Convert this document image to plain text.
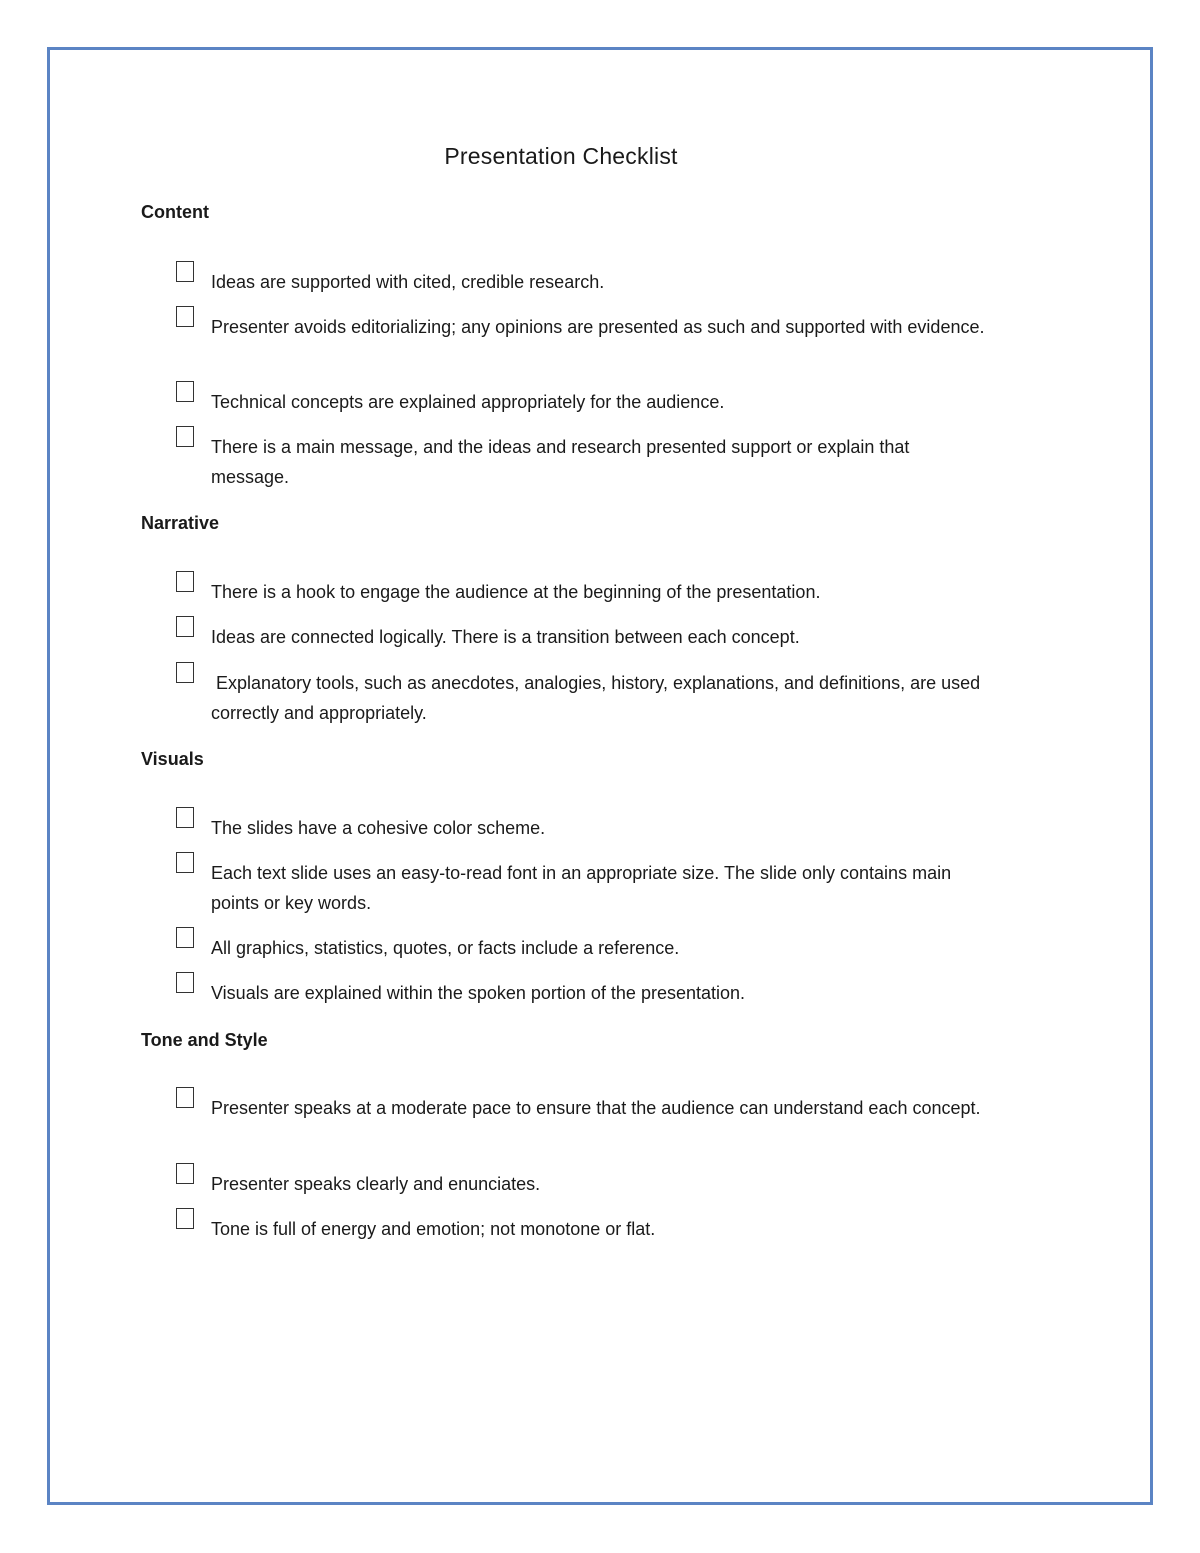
Presentation Checklist
Content

Ideas are supported with cited, credible research.

Presenter avoids editorializing; any opinions are presented as such and supported with evidence.

Technical concepts are explained appropriately for the audience.

There is a main message, and the ideas and research presented support or explain that message.

Narrative

There is a hook to engage the audience at the beginning of the presentation.

Ideas are connected logically. There is a transition between each concept.

Explanatory tools, such as anecdotes, analogies, history, explanations, and definitions, are used correctly and appropriately.

Visuals

The slides have a cohesive color scheme.

Each text slide uses an easy-to-read font in an appropriate size. The slide only contains main points or key words.

All graphics, statistics, quotes, or facts include a reference.

Visuals are explained within the spoken portion of the presentation.

Tone and Style

Presenter speaks at a moderate pace to ensure that the audience can understand each concept.

Presenter speaks clearly and enunciates.

Tone is full of energy and emotion; not monotone or flat.
